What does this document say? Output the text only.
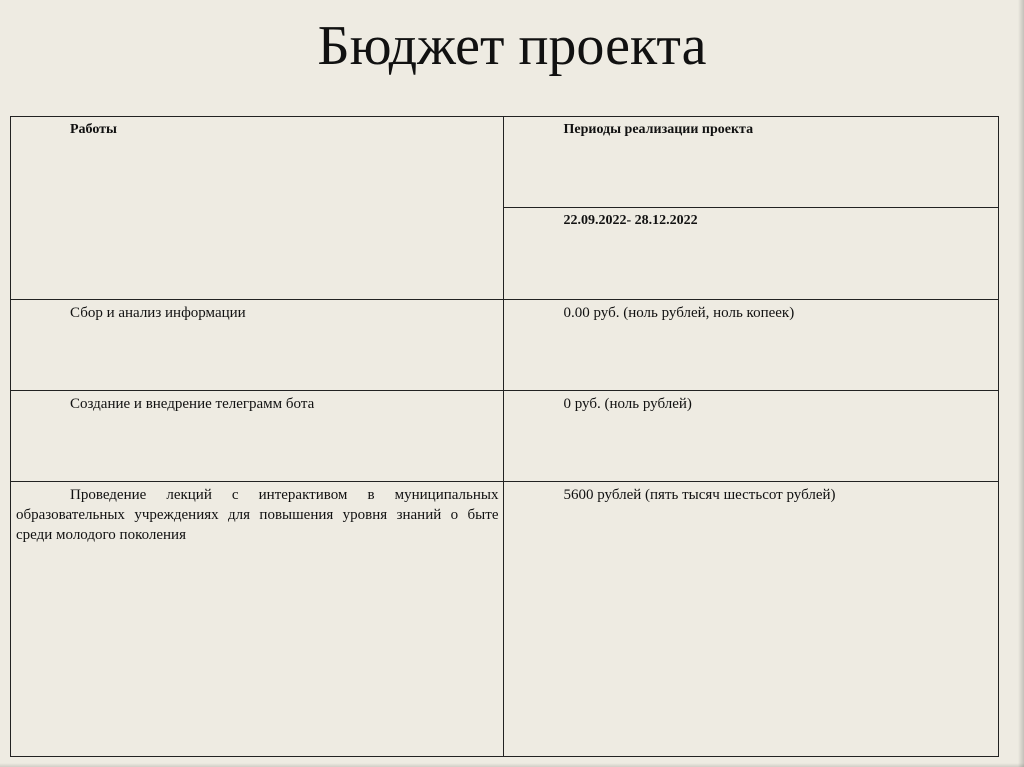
Бюджет проекта
Работы	Периоды реализации проекта

	22.09.2022- 28.12.2022

Сбор и анализ информации	0.00 руб. (ноль рублей, ноль копеек)

Создание и внедрение телеграмм бота	0 руб. (ноль рублей)

Проведение лекций с интерактивом в муниципальных образовательных учреждениях для повышения уровня знаний о быте среди молодого поколения	5600 рублей (пять тысяч шестьсот рублей)
